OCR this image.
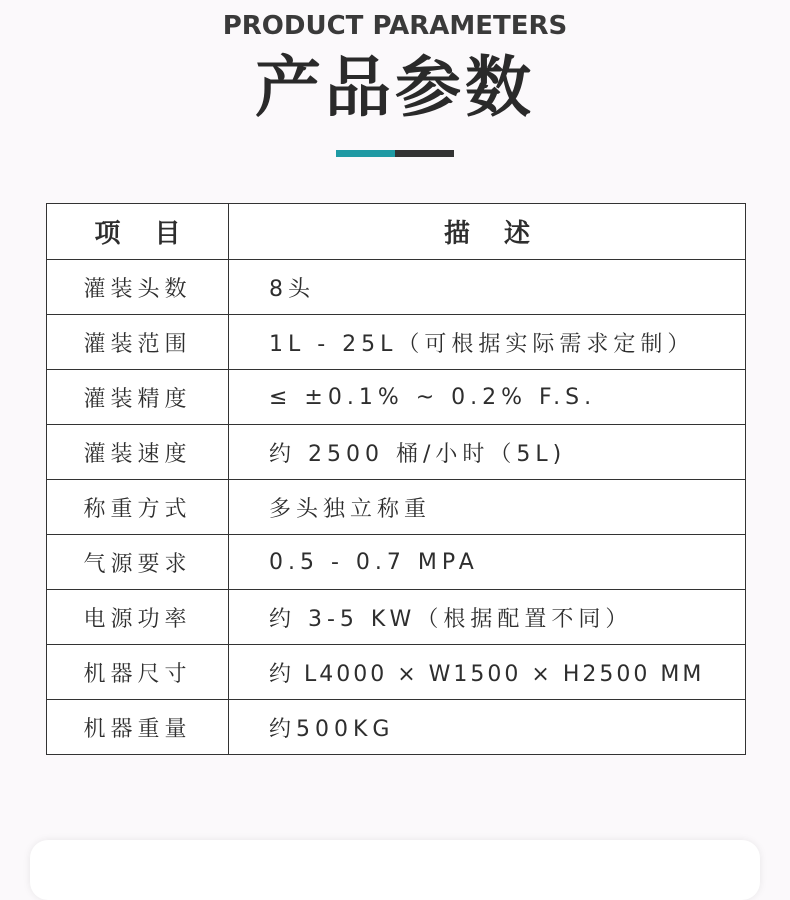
PRODUCT PARAMETERS
产品参数
项 目	描 述
灌装头数	8头
灌装范围	1L - 25L（可根据实际需求定制）
灌装精度	≤ ±0.1% ~ 0.2% F.S.
灌装速度	约 2500 桶/小时（5L)
称重方式	多头独立称重
气源要求	0.5 - 0.7 MPA
电源功率	约 3-5 KW（根据配置不同）
机器尺寸	约 L4000 × W1500 × H2500 MM
机器重量	约500KG
